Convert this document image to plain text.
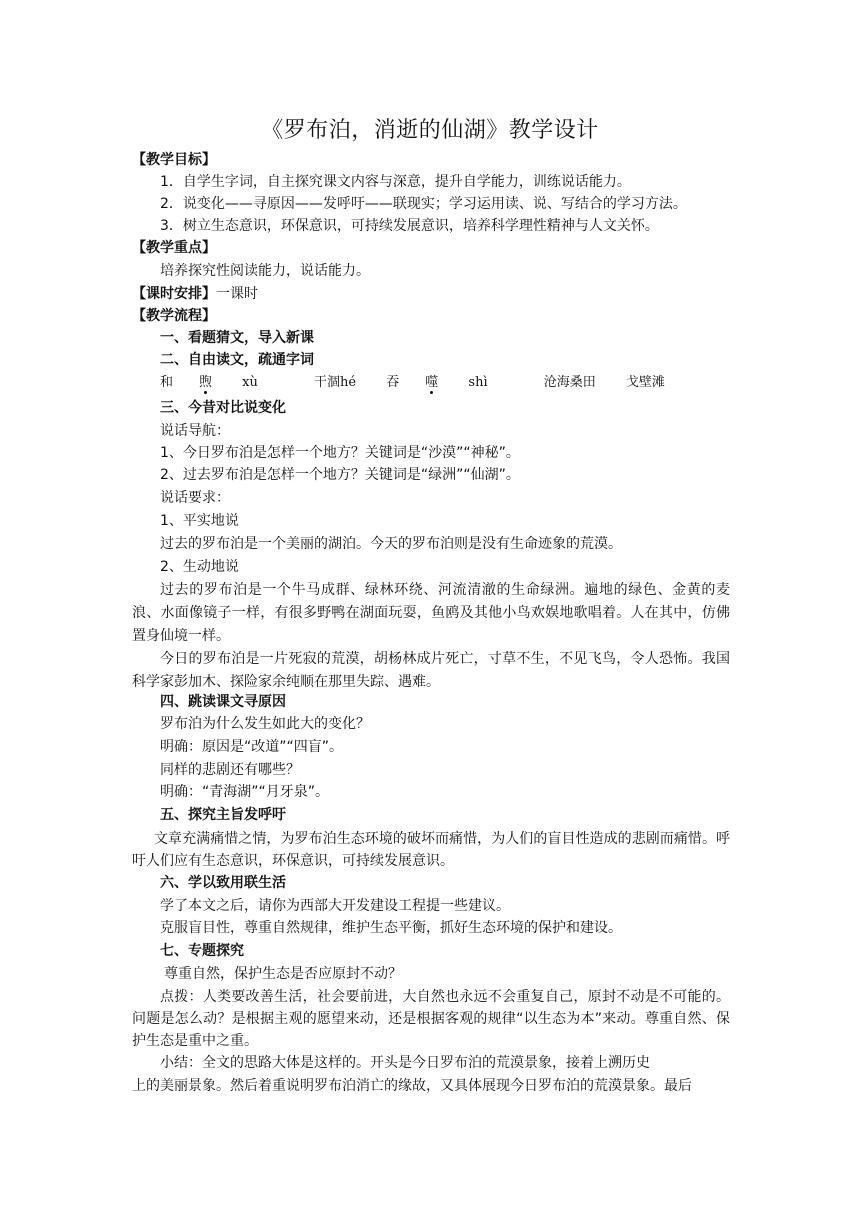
《罗布泊，消逝的仙湖》教学设计
【教学目标】
1．自学生字词，自主探究课文内容与深意，提升自学能力，训练说话能力。
2．说变化——寻原因——发呼吁——联现实；学习运用读、说、写结合的学习方法。
3．树立生态意识，环保意识，可持续发展意识，培养科学理性精神与人文关怀。
【教学重点】
培养探究性阅读能力，说话能力。
【课时安排】一课时
【教学流程】
一、看题猜文，导入新课
二、自由读文，疏通字词
和 煦 xù	干涸hé 吞 噬 shì	沧海桑田 戈壁滩
三、今昔对比说变化
说话导航：
1、今日罗布泊是怎样一个地方？关键词是“沙漠”“神秘”。
2、过去罗布泊是怎样一个地方？关键词是“绿洲”“仙湖”。
说话要求：
1、平实地说
过去的罗布泊是一个美丽的湖泊。今天的罗布泊则是没有生命迹象的荒漠。
2、生动地说
过去的罗布泊是一个牛马成群、绿林环绕、河流清澈的生命绿洲。遍地的绿色、金黄的麦浪、水面像镜子一样，有很多野鸭在湖面玩耍，鱼鸥及其他小鸟欢娱地歌唱着。人在其中，仿佛置身仙境一样。
今日的罗布泊是一片死寂的荒漠，胡杨林成片死亡，寸草不生，不见飞鸟，令人恐怖。我国科学家彭加木、探险家余纯顺在那里失踪、遇难。
四、跳读课文寻原因
罗布泊为什么发生如此大的变化？
明确：原因是“改道”“四盲”。
同样的悲剧还有哪些？
明确：“青海湖”“月牙泉”。
五、探究主旨发呼吁
文章充满痛惜之情，为罗布泊生态环境的破坏而痛惜，为人们的盲目性造成的悲剧而痛惜。呼吁人们应有生态意识，环保意识，可持续发展意识。
六、学以致用联生活
学了本文之后，请你为西部大开发建设工程提一些建议。
克服盲目性，尊重自然规律，维护生态平衡，抓好生态环境的保护和建设。
七、专题探究
尊重自然，保护生态是否应原封不动？
点拨：人类要改善生活，社会要前进，大自然也永远不会重复自己，原封不动是不可能的。问题是怎么动？是根据主观的愿望来动，还是根据客观的规律“以生态为本”来动。尊重自然、保护生态是重中之重。
小结：全文的思路大体是这样的。开头是今日罗布泊的荒漠景象，接着上溯历史
上的美丽景象。然后着重说明罗布泊消亡的缘故，又具体展现今日罗布泊的荒漠景象。最后
